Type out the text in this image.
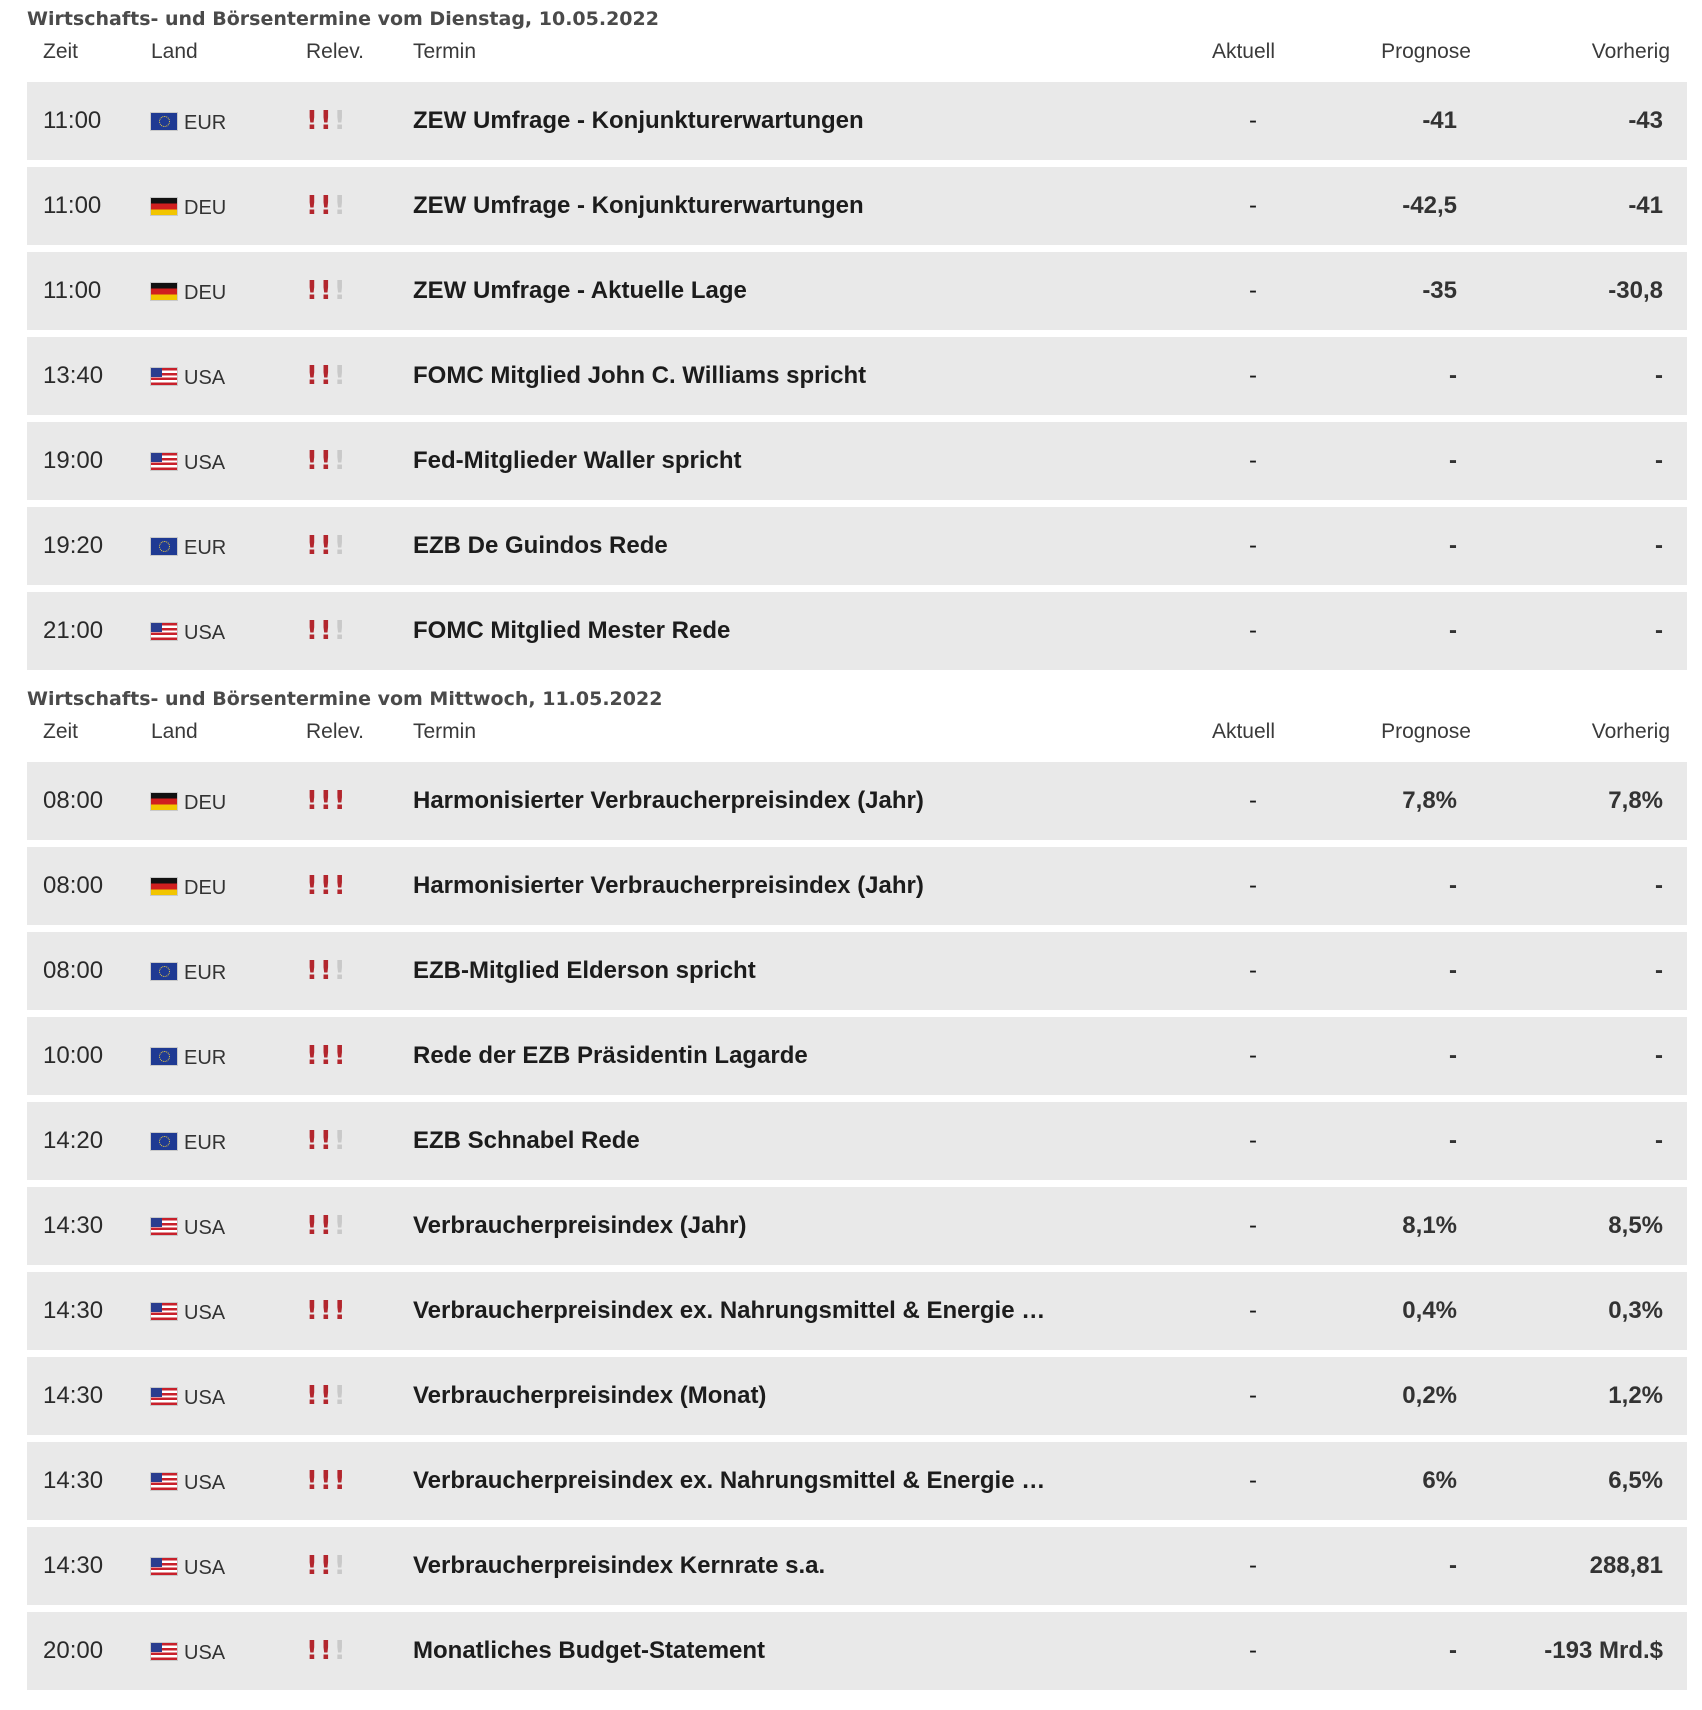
Wirtschafts- und Börsentermine vom Dienstag, 10.05.2022
Zeit	Land	Relev. Termin	Aktuell	Prognose	Vorherig
11:00	EUR	! ! !	ZEW Umfrage - Konjunkturerwartungen	-	-41	-43
11:00	DEU	! ! !	ZEW Umfrage - Konjunkturerwartungen	-	-42,5	-41
11:00	DEU	! ! !	ZEW Umfrage - Aktuelle Lage	-	-35	-30,8
13:40	USA	! ! !	FOMC Mitglied John C. Williams spricht	-	-	-
19:00	USA	! ! !	Fed-Mitglieder Waller spricht	-	-	-
19:20	EUR	! ! !	EZB De Guindos Rede	-	-	-
21:00	USA	! ! !	FOMC Mitglied Mester Rede	-	-	-
Wirtschafts- und Börsentermine vom Mittwoch, 11.05.2022
Zeit	Land	Relev. Termin	Aktuell	Prognose	Vorherig
08:00	DEU	! ! !	Harmonisierter Verbraucherpreisindex (Jahr)	-	7,8%	7,8%
08:00	DEU	! ! !	Harmonisierter Verbraucherpreisindex (Jahr)	-	-	-
08:00	EUR	! ! !	EZB-Mitglied Elderson spricht	-	-	-
10:00	EUR	! ! !	Rede der EZB Präsidentin Lagarde	-	-	-
14:20	EUR	! ! !	EZB Schnabel Rede	-	-	-
14:30	USA	! ! !	Verbraucherpreisindex (Jahr)	-	8,1%	8,5%
14:30	USA	! ! !	Verbraucherpreisindex ex. Nahrungsmittel & Energie (…	-	0,4%	0,3%
14:30	USA	! ! !	Verbraucherpreisindex (Monat)	-	0,2%	1,2%
14:30	USA	! ! !	Verbraucherpreisindex ex. Nahrungsmittel & Energie (…	-	6%	6,5%
14:30	USA	! ! !	Verbraucherpreisindex Kernrate s.a.	-	-	288,81
20:00	USA	! ! !	Monatliches Budget-Statement	-	-	-193 Mrd.$
